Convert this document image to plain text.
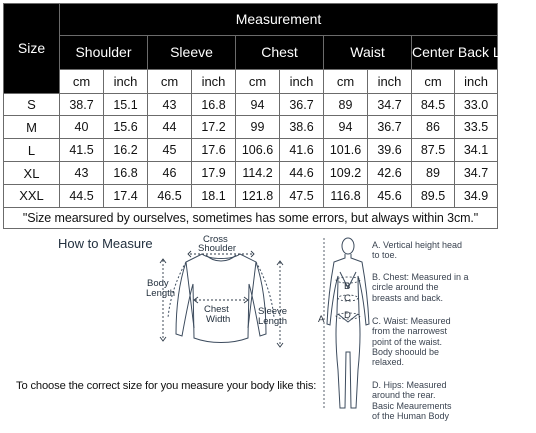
Size	Measurement									
	Shoulder		Sleeve		Chest		Waist		Center Back Length	
	cm	inch	cm	inch	cm	inch	cm	inch	cm	inch
S	38.7	15.1	43	16.8	94	36.7	89	34.7	84.5	33.0
M	40	15.6	44	17.2	99	38.6	94	36.7	86	33.5
L	41.5	16.2	45	17.6	106.6	41.6	101.6	39.6	87.5	34.1
XL	43	16.8	46	17.9	114.2	44.6	109.2	42.6	89	34.7
XXL	44.5	17.4	46.5	18.1	121.8	47.5	116.8	45.6	89.5	34.9
"Size mearsured by ourselves, sometimes has some errors, but always within 3cm."										
How to Measure	Cross
Shoulder
Body
Length
Chest
Width
Sleeve
Length	A
B
C
D
A. Vertical height head
to toe.
B. Chest: Measured in a
circle around the
breasts and back.
C. Waist: Measured
from the narrowest
point of the waist.
Body shoould be
relaxed.
D. Hips: Measured
around the rear.
Basic Meaurements
of the Human Body
To choose the correct size for you measure your body like this:
